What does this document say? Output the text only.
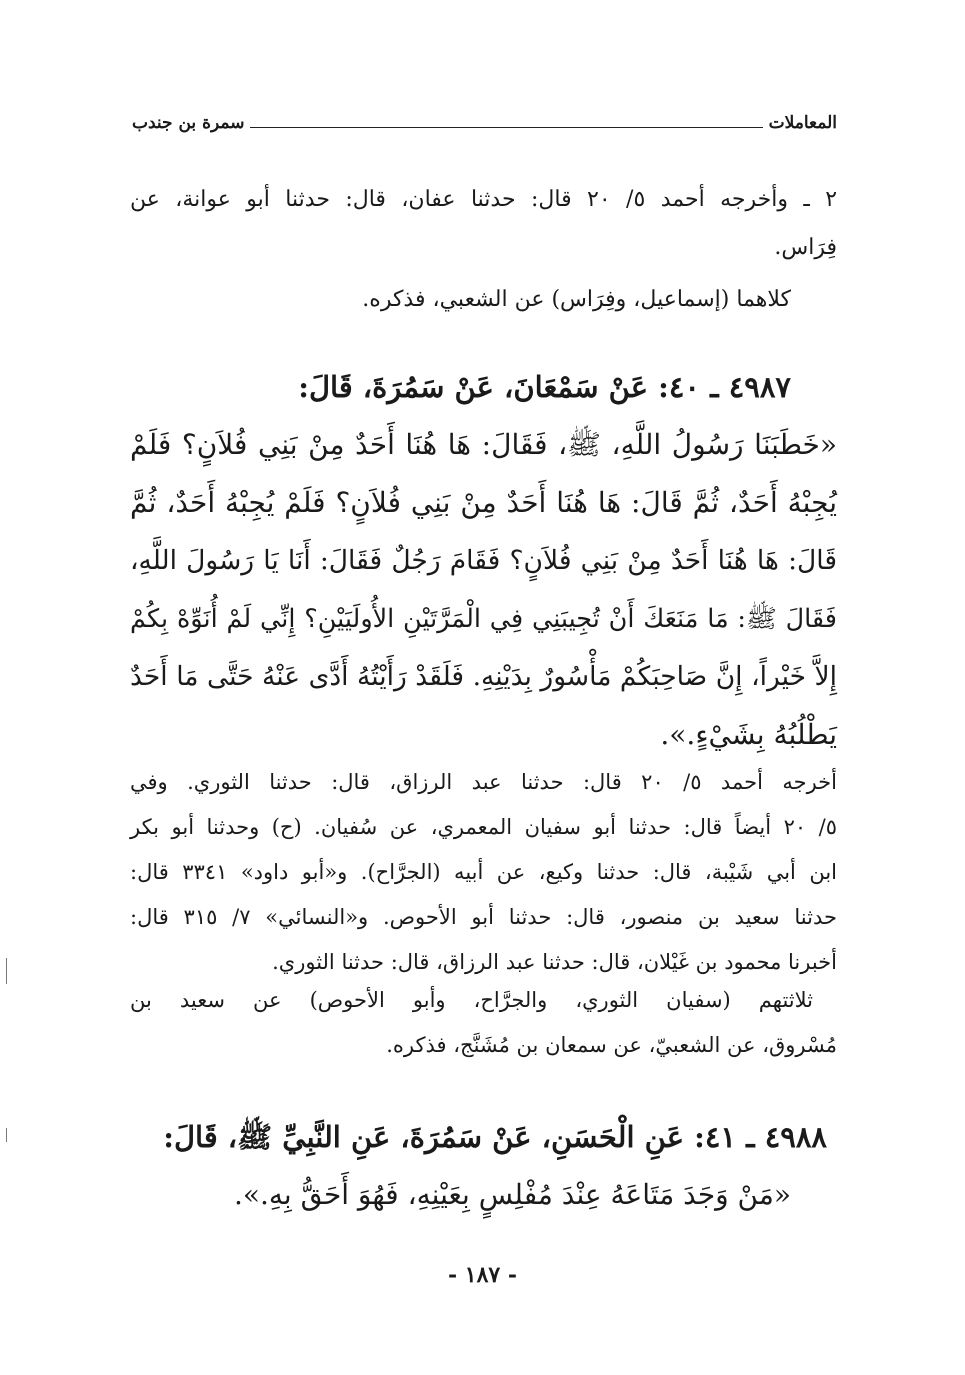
المعاملات
سمرة بن جندب
٢ ـ وأخرجه أحمد ٥/ ٢٠ قال: حدثنا عفان، قال: حدثنا أبو عوانة، عن
فِرَاس.
كلاهما (إسماعيل، وفِرَاس) عن الشعبي، فذكره.
٤٩٨٧ ـ ٤٠: عَنْ سَمْعَانَ، عَنْ سَمُرَةَ، قَالَ:
«خَطَبَنَا رَسُولُ اللَّهِ، ﷺ، فَقَالَ: هَا هُنَا أَحَدٌ مِنْ بَنِي فُلاَنٍ؟ فَلَمْ
يُجِبْهُ أَحَدٌ، ثُمَّ قَالَ: هَا هُنَا أَحَدٌ مِنْ بَنِي فُلاَنٍ؟ فَلَمْ يُجِبْهُ أَحَدٌ، ثُمَّ
قَالَ: هَا هُنَا أَحَدٌ مِنْ بَنِي فُلاَنٍ؟ فَقَامَ رَجُلٌ فَقَالَ: أَنَا يَا رَسُولَ اللَّهِ،
فَقَالَ ﷺ: مَا مَنَعَكَ أَنْ تُجِيبَنِي فِي الْمَرَّتَيْنِ الأُولَيَيْنِ؟ إِنِّي لَمْ أُنَوِّهْ بِكُمْ
إِلاَّ خَيْراً، إِنَّ صَاحِبَكُمْ مَأْسُورٌ بِدَيْنِهِ. فَلَقَدْ رَأَيْتُهُ أَدَّى عَنْهُ حَتَّى مَا أَحَدٌ
يَطْلُبُهُ بِشَيْءٍ.».
أخرجه أحمد ٥/ ٢٠ قال: حدثنا عبد الرزاق، قال: حدثنا الثوري. وفي
٥/ ٢٠ أيضاً قال: حدثنا أبو سفيان المعمري، عن سُفيان. (ح) وحدثنا أبو بكر
ابن أبي شَيْبة، قال: حدثنا وكيع، عن أبيه (الجرَّاح). و«أبو داود» ٣٣٤١ قال:
حدثنا سعيد بن منصور، قال: حدثنا أبو الأحوص. و«النسائي» ٧/ ٣١٥ قال:
أخبرنا محمود بن غَيْلان، قال: حدثنا عبد الرزاق، قال: حدثنا الثوري.
ثلاثتهم (سفيان الثوري، والجرَّاح، وأبو الأحوص) عن سعيد بن
مُسْروق، عن الشعبيّ، عن سمعان بن مُشَنَّج، فذكره.
٤٩٨٨ ـ ٤١: عَنِ الْحَسَنِ، عَنْ سَمُرَةَ، عَنِ النَّبِيِّ ﷺ، قَالَ:
«مَنْ وَجَدَ مَتَاعَهُ عِنْدَ مُفْلِسٍ بِعَيْنِهِ، فَهُوَ أَحَقُّ بِهِ.».
- ١٨٧ -
